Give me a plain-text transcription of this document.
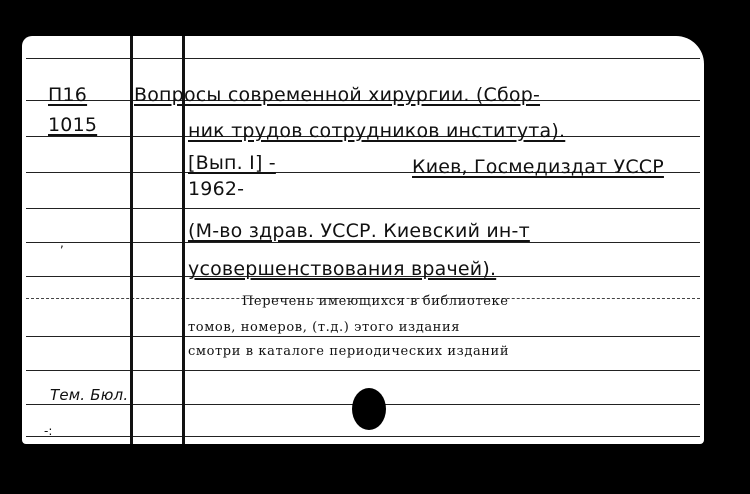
П16
1015
Вопросы современной хирургии. (Сбор-
ник трудов сотрудников института).
[Вып. I] -	Киев, Госмедиздат УССР
1962-
(М-во здрав. УССР. Киевский ин-т
усовершенствования врачей).
Перечень имеющихся в библиотеке
томов, номеров, (т.д.) этого издания
смотри в каталоге периодических изданий
Тем. Бюл.
,
-:
